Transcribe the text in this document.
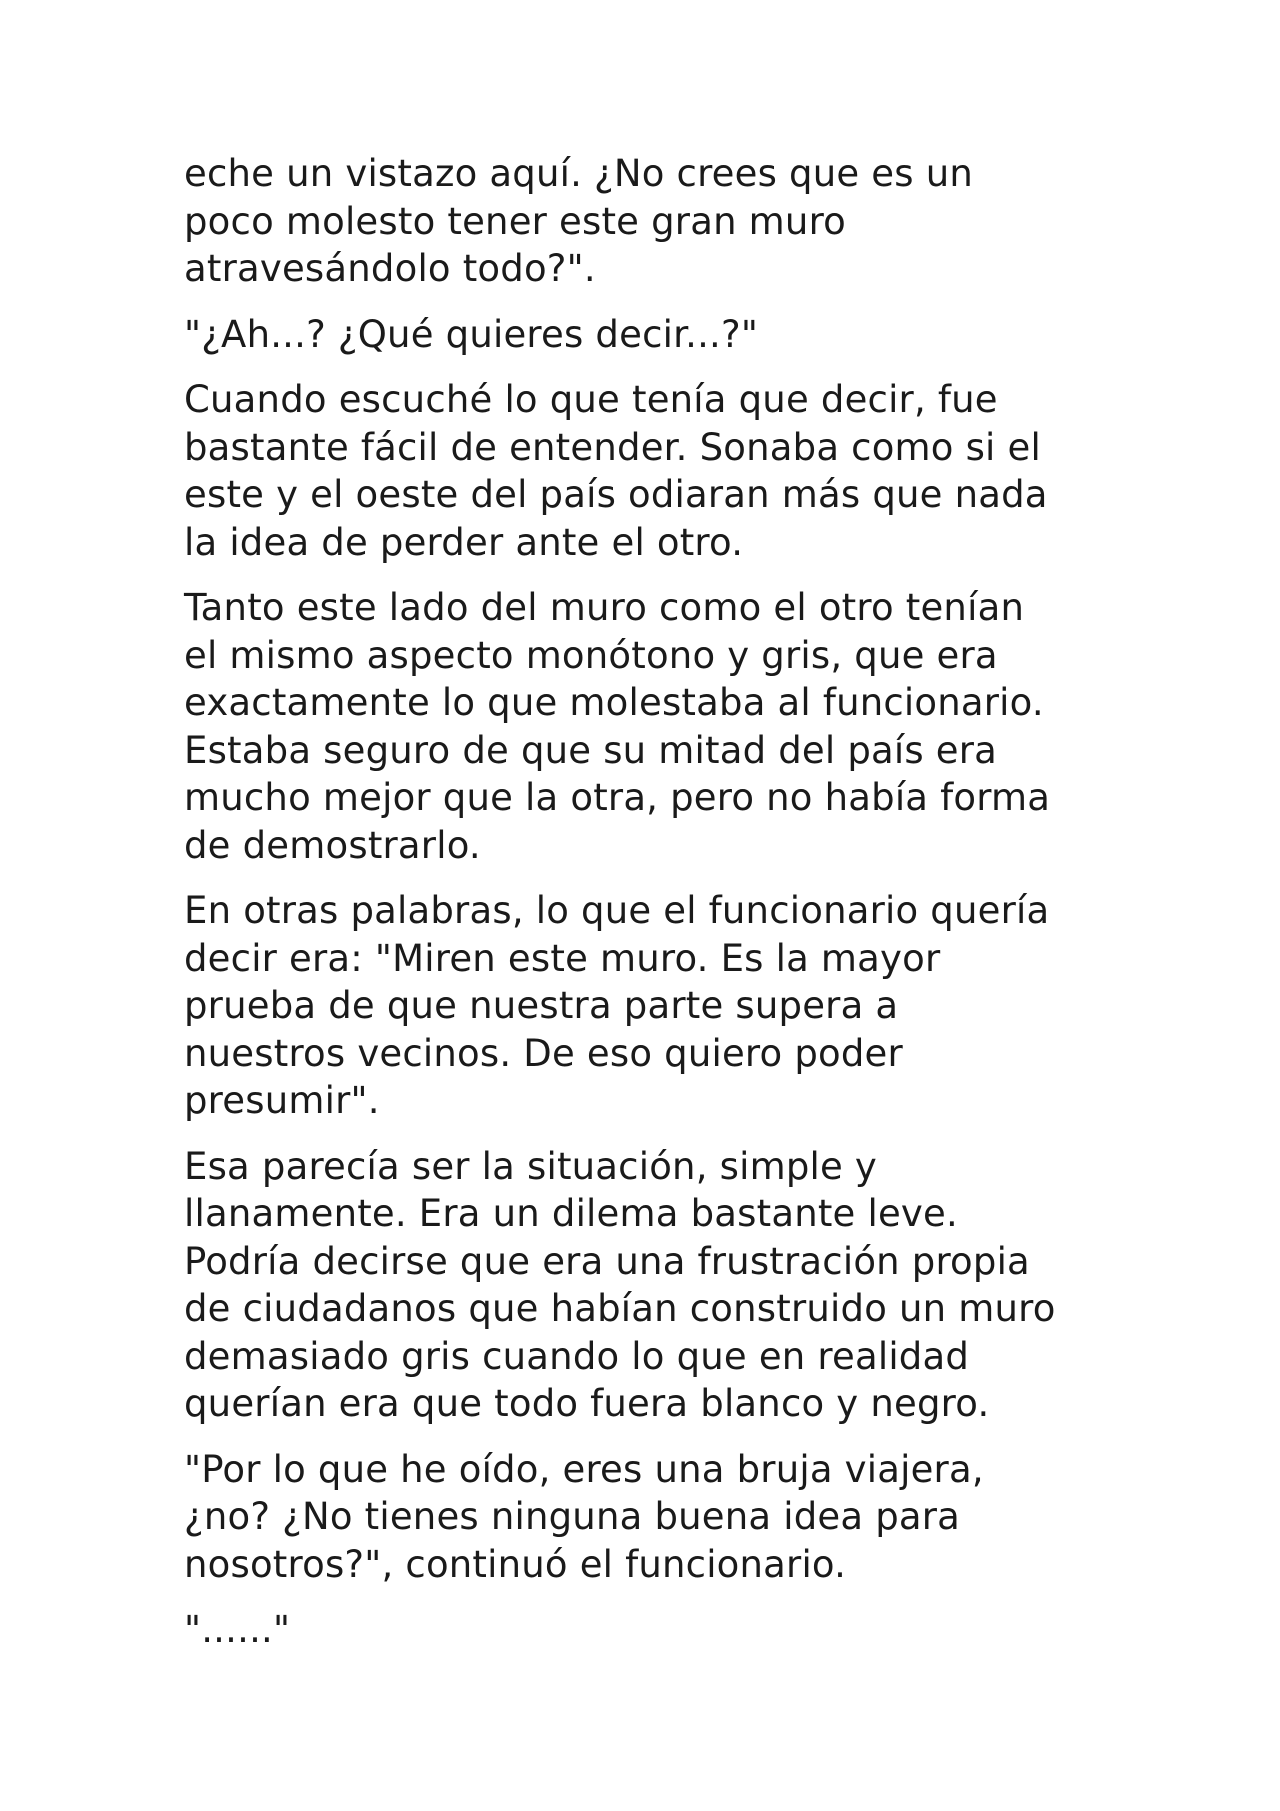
eche un vistazo aquí. ¿No crees que es un
poco molesto tener este gran muro
atravesándolo todo?".

"¿Ah...? ¿Qué quieres decir...?"

Cuando escuché lo que tenía que decir, fue
bastante fácil de entender. Sonaba como si el
este y el oeste del país odiaran más que nada
la idea de perder ante el otro.

Tanto este lado del muro como el otro tenían
el mismo aspecto monótono y gris, que era
exactamente lo que molestaba al funcionario.
Estaba seguro de que su mitad del país era
mucho mejor que la otra, pero no había forma
de demostrarlo.

En otras palabras, lo que el funcionario quería
decir era: "Miren este muro. Es la mayor
prueba de que nuestra parte supera a
nuestros vecinos. De eso quiero poder
presumir".

Esa parecía ser la situación, simple y
llanamente. Era un dilema bastante leve.
Podría decirse que era una frustración propia
de ciudadanos que habían construido un muro
demasiado gris cuando lo que en realidad
querían era que todo fuera blanco y negro.

"Por lo que he oído, eres una bruja viajera,
¿no? ¿No tienes ninguna buena idea para
nosotros?", continuó el funcionario.

"......"
